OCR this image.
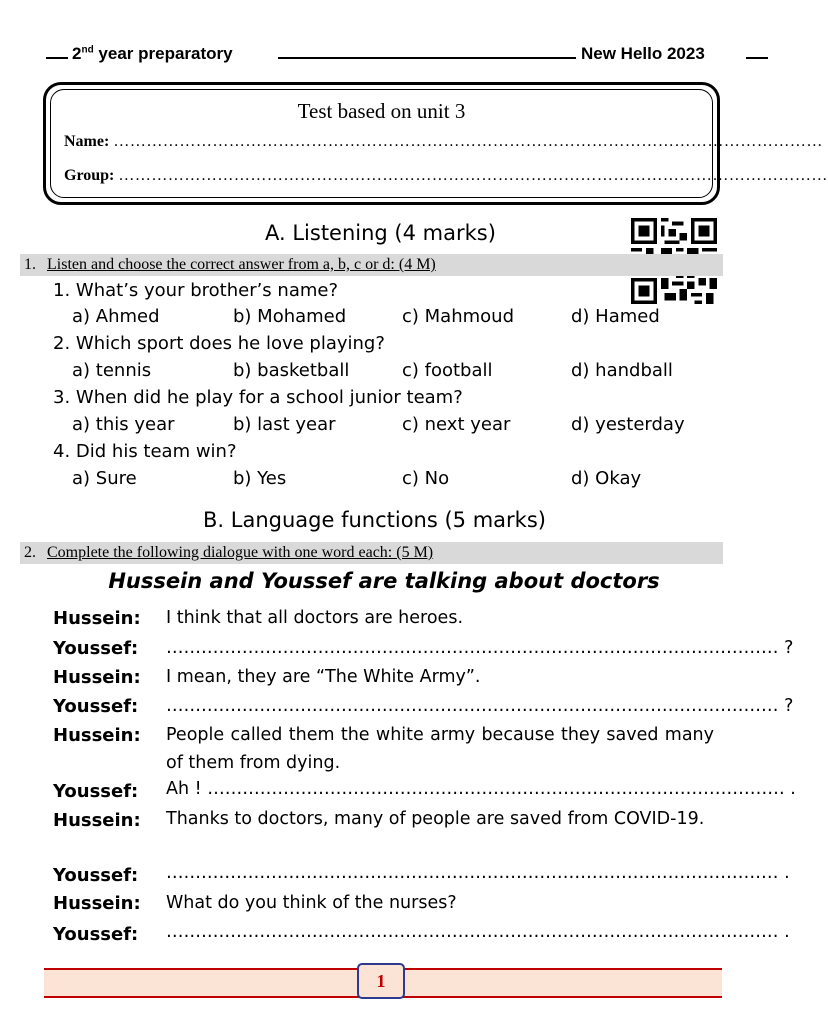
2nd year preparatory	New Hello 2023
Test based on unit 3
Name: …………………………………………………………………………………………………………………
Group: …………………………………………………………………………………………………………………
A. Listening (4 marks)
1. Listen and choose the correct answer from a, b, c or d: (4 M)
1. What’s your brother’s name?
a) Ahmed	b) Mohamed	c) Mahmoud	d) Hamed
2. Which sport does he love playing?
a) tennis	b) basketball	c) football	d) handball
3. When did he play for a school junior team?
a) this year	b) last year	c) next year	d) yesterday
4. Did his team win?
a) Sure	b) Yes	c) No	d) Okay
B. Language functions (5 marks)
2. Complete the following dialogue with one word each: (5 M)
Hussein and Youssef are talking about doctors
Hussein: I think that all doctors are heroes.
Youssef: …………………………………………………………………………………………… ?
Hussein: I mean, they are “The White Army”.
Youssef: …………………………………………………………………………………………… ?
Hussein: People called them the white army because they saved many of them from dying.
Youssef: Ah ! ……………………………………………………………………………………… .
Hussein: Thanks to doctors, many of people are saved from COVID-19.
Youssef: …………………………………………………………………………………………… .
Hussein: What do you think of the nurses?
Youssef: …………………………………………………………………………………………… .
1
